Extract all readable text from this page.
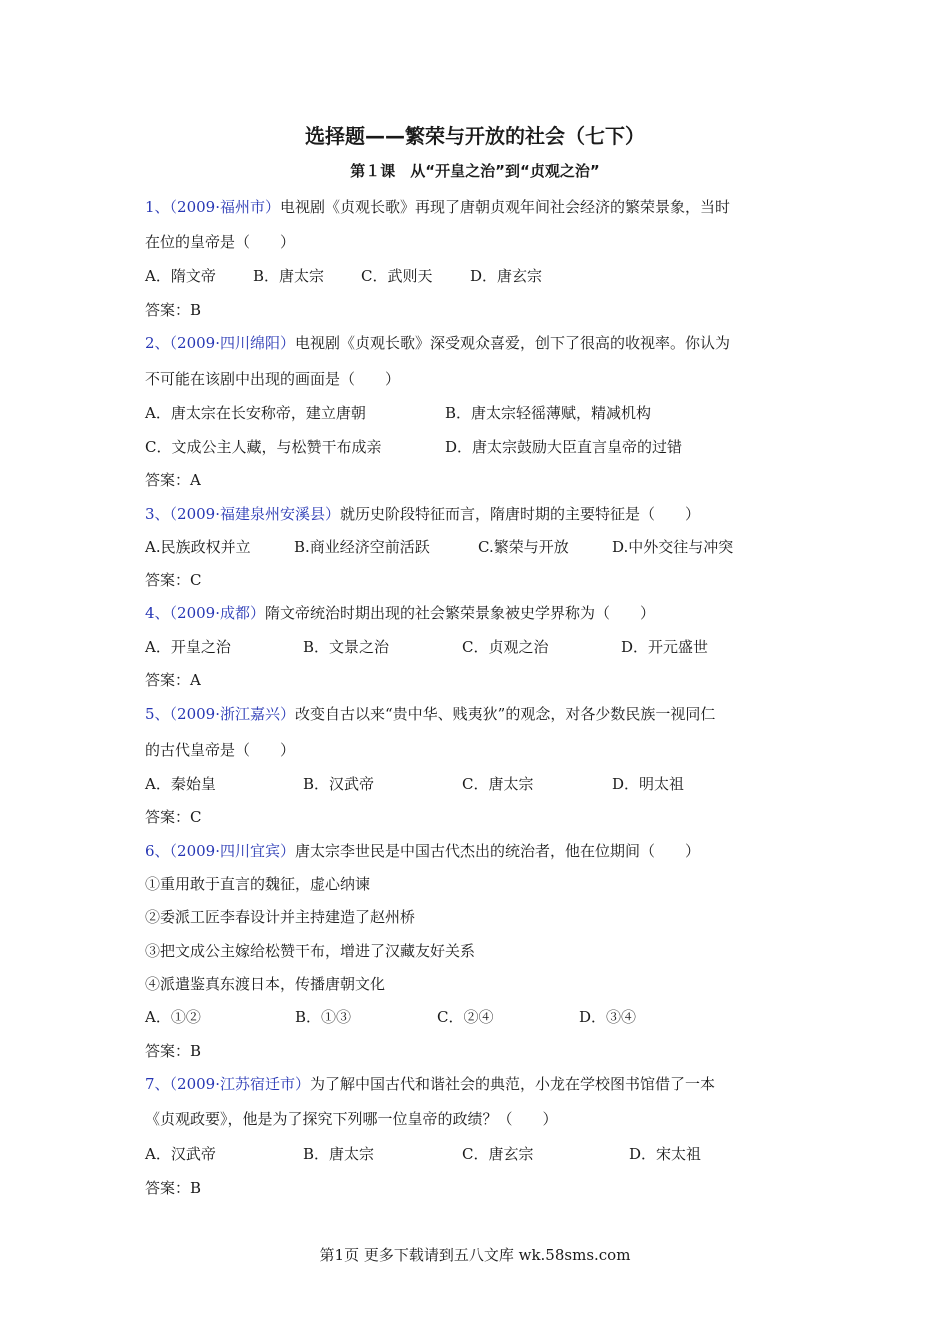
选择题——繁荣与开放的社会（七下）
第１课　从“开皇之治”到“贞观之治”
1、（2009·福州市）电视剧《贞观长歌》再现了唐朝贞观年间社会经济的繁荣景象，当时
在位的皇帝是（　　）
A．隋文帝 B．唐太宗 C．武则天	D．唐玄宗
答案：B
2、（2009·四川绵阳）电视剧《贞观长歌》深受观众喜爱，创下了很高的收视率。你认为
不可能在该剧中出现的画面是（　　）
A．唐太宗在长安称帝，建立唐朝	B．唐太宗轻徭薄赋，精减机构
C．文成公主人藏，与松赞干布成亲	D．唐太宗鼓励大臣直言皇帝的过错
答案：A
3、（2009·福建泉州安溪县）就历史阶段特征而言，隋唐时期的主要特征是（　　）
A.民族政权并立	B.商业经济空前活跃	C.繁荣与开放	D.中外交往与冲突
答案：C
4、（2009·成都）隋文帝统治时期出现的社会繁荣景象被史学界称为（　　）
A．开皇之治	B．文景之治	C．贞观之治	D．开元盛世
答案：A
5、（2009·浙江嘉兴）改变自古以来“贵中华、贱夷狄”的观念，对各少数民族一视同仁
的古代皇帝是（　　）
A．秦始皇	B．汉武帝	C．唐太宗	D．明太祖
答案：C
6、（2009·四川宜宾）唐太宗李世民是中国古代杰出的统治者，他在位期间（　　）
①重用敢于直言的魏征，虚心纳谏
②委派工匠李春设计并主持建造了赵州桥
③把文成公主嫁给松赞干布，增进了汉藏友好关系
④派遣鉴真东渡日本，传播唐朝文化
A．①②	B．①③	C．②④	D．③④
答案：B
7、（2009·江苏宿迁市）为了解中国古代和谐社会的典范，小龙在学校图书馆借了一本
《贞观政要》，他是为了探究下列哪一位皇帝的政绩？（　　）
A．汉武帝	B．唐太宗	C．唐玄宗	D．宋太祖
答案：B
第1页 更多下载请到五八文库 wk.58sms.com
